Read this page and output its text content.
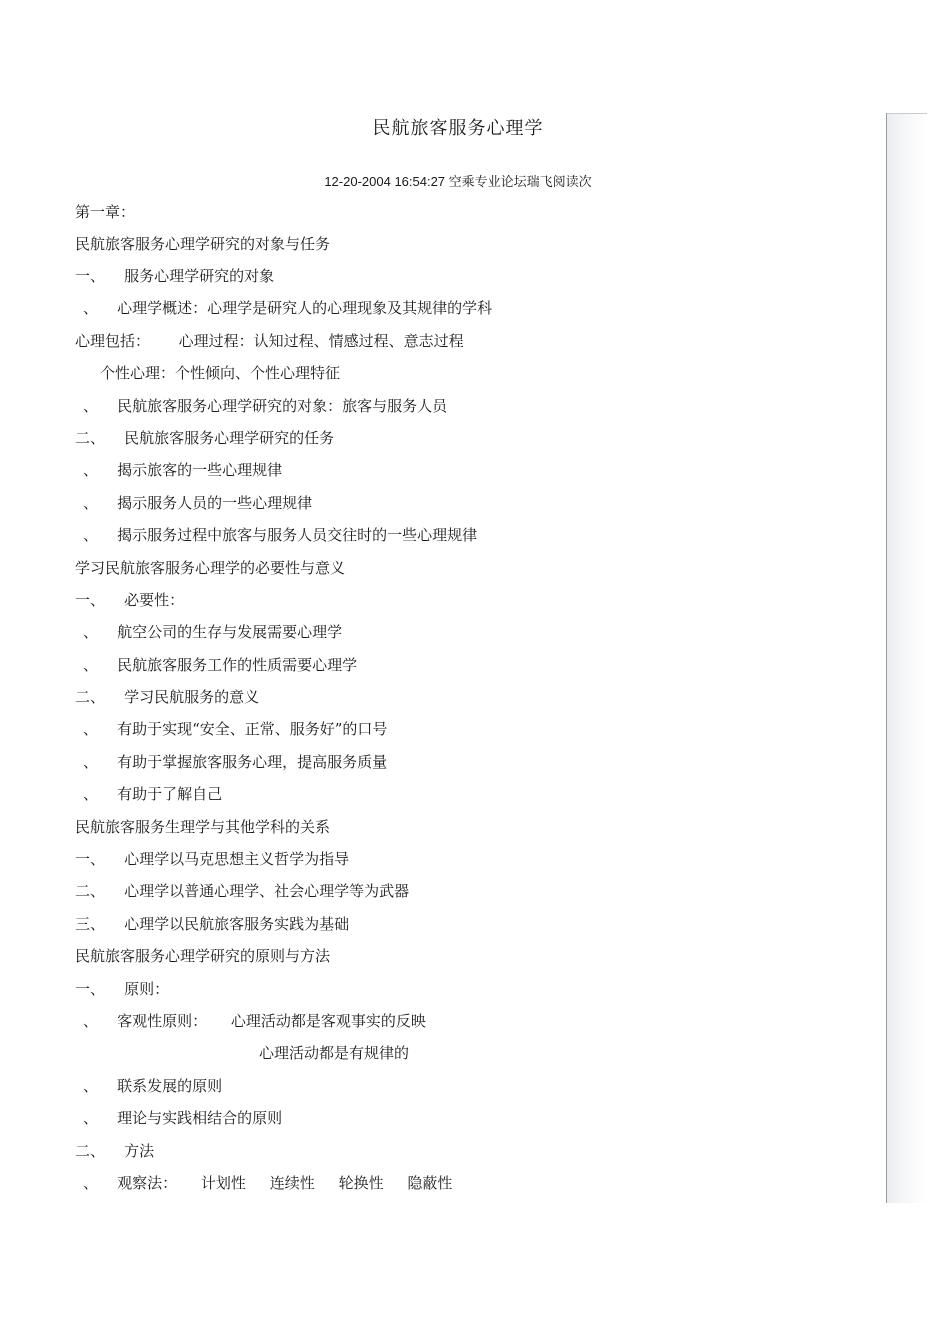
民航旅客服务心理学
12-20-2004 16:54:27 空乘专业论坛瑞飞阅读次
第一章：
民航旅客服务心理学研究的对象与任务
一、    服务心理学研究的对象
、    心理学概述：心理学是研究人的心理现象及其规律的学科
心理包括：      心理过程：认知过程、情感过程、意志过程
个性心理：个性倾向、个性心理特征
、    民航旅客服务心理学研究的对象：旅客与服务人员
二、    民航旅客服务心理学研究的任务
、    揭示旅客的一些心理规律
、    揭示服务人员的一些心理规律
、    揭示服务过程中旅客与服务人员交往时的一些心理规律
学习民航旅客服务心理学的必要性与意义
一、    必要性：
、    航空公司的生存与发展需要心理学
、    民航旅客服务工作的性质需要心理学
二、    学习民航服务的意义
、    有助于实现“安全、正常、服务好”的口号
、    有助于掌握旅客服务心理，提高服务质量
、    有助于了解自己
民航旅客服务生理学与其他学科的关系
一、    心理学以马克思想主义哲学为指导
二、    心理学以普通心理学、社会心理学等为武器
三、    心理学以民航旅客服务实践为基础
民航旅客服务心理学研究的原则与方法
一、    原则：
、    客观性原则：     心理活动都是客观事实的反映
心理活动都是有规律的
、    联系发展的原则
、    理论与实践相结合的原则
二、    方法
、    观察法：     计划性     连续性     轮换性     隐蔽性
